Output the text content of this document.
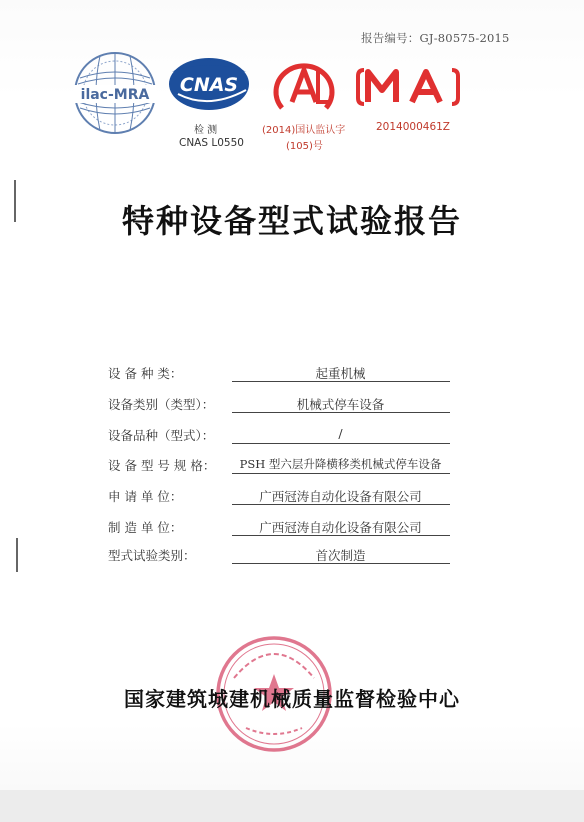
报告编号：GJ-80575-2015
ilac-MRA CNAS
检 测
CNAS L0550
CAL
(2014)国认监认字
(105)号
CMA
2014000461Z
特种设备型式试验报告
设 备 种 类：	起重机械
设备类别（类型）：	机械式停车设备
设备品种（型式）：	/
设 备 型 号 规 格： PSH 型六层升降横移类机械式停车设备
申 请 单 位：	广西冠涛自动化设备有限公司
制 造 单 位：	广西冠涛自动化设备有限公司
型式试验类别：	首次制造
国家建筑城建机械质量监督检验中心
